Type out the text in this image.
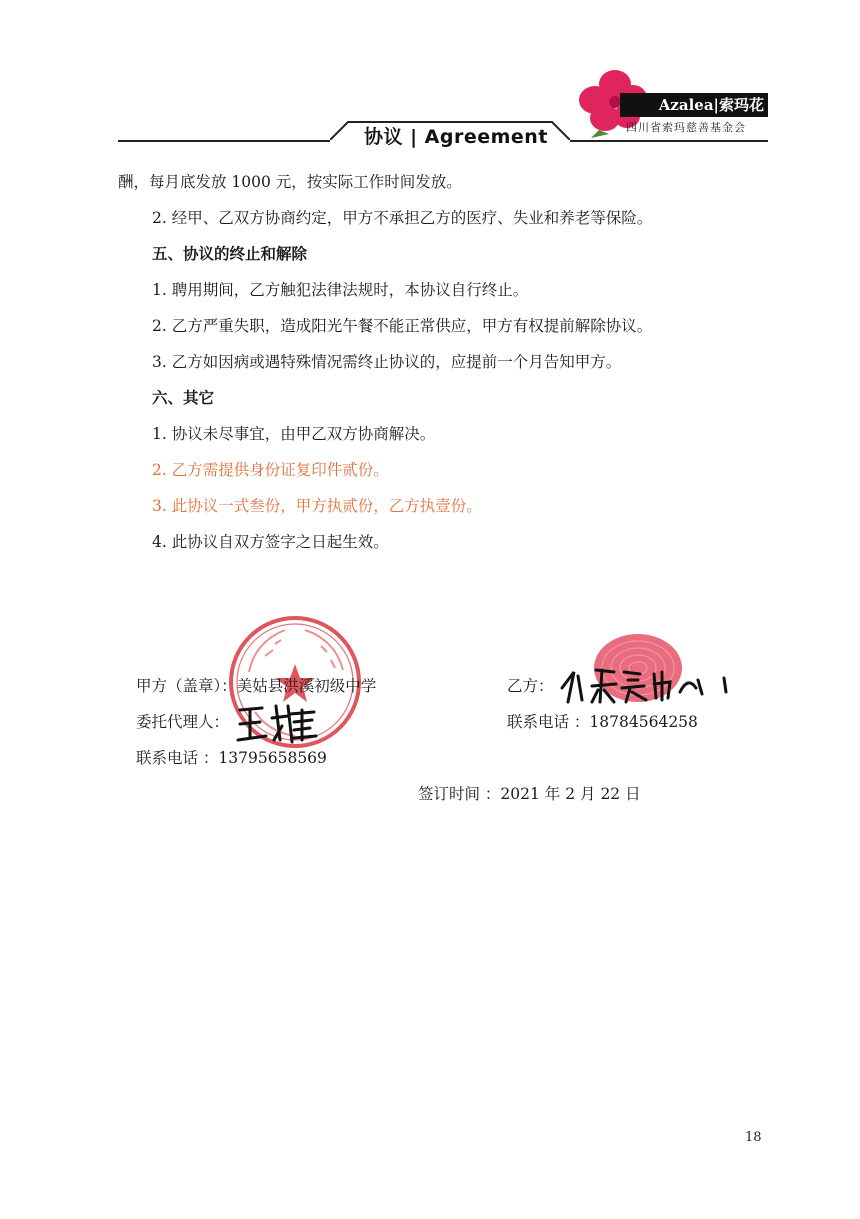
协议 | Agreement
Azalea|索玛花
四川省索玛慈善基金会
酬，每月底发放 1000 元，按实际工作时间发放。
2. 经甲、乙双方协商约定，甲方不承担乙方的医疗、失业和养老等保险。
五、协议的终止和解除
1. 聘用期间，乙方触犯法律法规时，本协议自行终止。
2. 乙方严重失职，造成阳光午餐不能正常供应，甲方有权提前解除协议。
3. 乙方如因病或遇特殊情况需终止协议的，应提前一个月告知甲方。
六、其它
1. 协议未尽事宜，由甲乙双方协商解决。
2. 乙方需提供身份证复印件贰份。
3. 此协议一式叁份，甲方执贰份，乙方执壹份。
4. 此协议自双方签字之日起生效。
甲方（盖章）：美姑县洪溪初级中学	乙方：
委托代理人：	联系电话 ：18784564258
联系电话 ：13795658569
签订时间 ：2021 年 2 月 22 日
18
